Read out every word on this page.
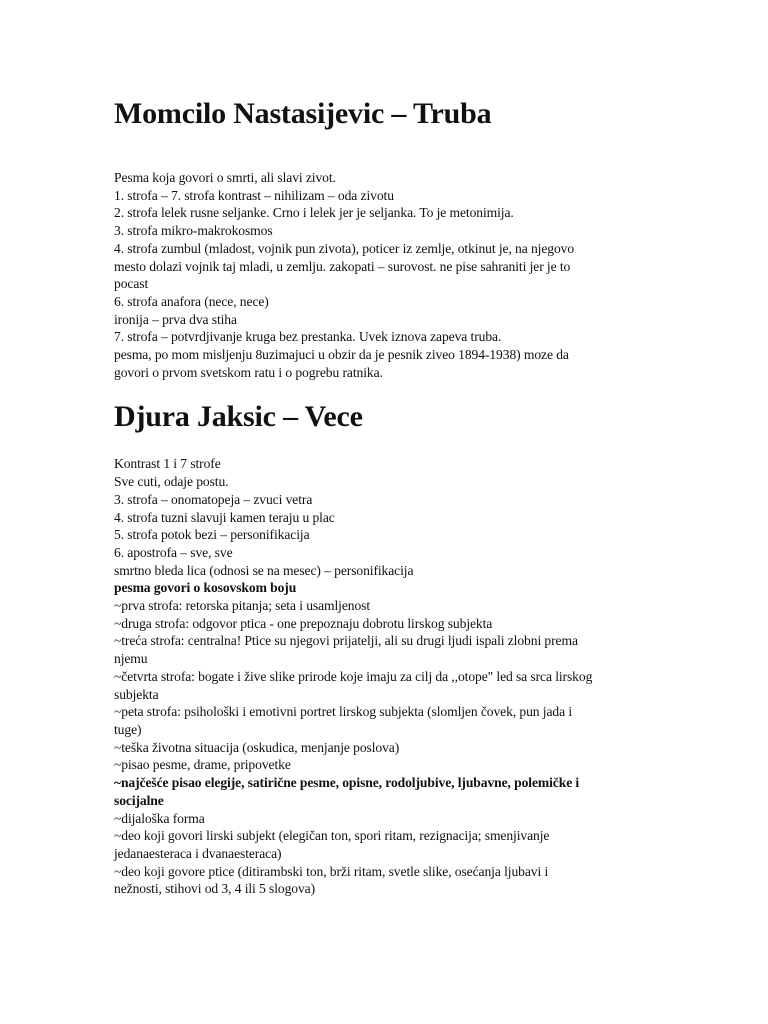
Momcilo Nastasijevic – Truba
Pesma koja govori o smrti, ali slavi zivot.
1. strofa – 7. strofa kontrast – nihilizam – oda zivotu
2. strofa lelek rusne seljanke. Crno i lelek jer je seljanka. To je metonimija.
3. strofa mikro-makrokosmos
4. strofa zumbul (mladost, vojnik pun zivota), poticer iz zemlje, otkinut je, na njegovo
mesto dolazi vojnik taj mladi, u zemlju. zakopati – surovost. ne pise sahraniti jer je to
pocast
6. strofa anafora (nece, nece)
ironija – prva dva stiha
7. strofa – potvrdjivanje kruga bez prestanka. Uvek iznova zapeva truba.
pesma, po mom misljenju 8uzimajuci u obzir da je pesnik ziveo 1894-1938) moze da
govori o prvom svetskom ratu i o pogrebu ratnika.
Djura Jaksic – Vece
Kontrast 1 i 7 strofe
Sve cuti, odaje postu.
3. strofa – onomatopeja – zvuci vetra
4. strofa tuzni slavuji kamen teraju u plac
5. strofa potok bezi – personifikacija
6. apostrofa – sve, sve
smrtno bleda lica (odnosi se na mesec) – personifikacija
pesma govori o kosovskom boju
~prva strofa: retorska pitanja; seta i usamljenost
~druga strofa: odgovor ptica - one prepoznaju dobrotu lirskog subjekta
~treća strofa: centralna! Ptice su njegovi prijatelji, ali su drugi ljudi ispali zlobni prema
njemu
~četvrta strofa: bogate i žive slike prirode koje imaju za cilj da ,,otope" led sa srca lirskog
subjekta
~peta strofa: psihološki i emotivni portret lirskog subjekta (slomljen čovek, pun jada i
tuge)
~teška životna situacija (oskudica, menjanje poslova)
~pisao pesme, drame, pripovetke
~najčešće pisao elegije, satirične pesme, opisne, rodoljubive, ljubavne, polemičke i
socijalne
~dijaloška forma
~deo koji govori lirski subjekt (elegičan ton, spori ritam, rezignacija; smenjivanje
jedanaesteraca i dvanaesteraca)
~deo koji govore ptice (ditirambski ton, brži ritam, svetle slike, osećanja ljubavi i
nežnosti, stihovi od 3, 4 ili 5 slogova)
